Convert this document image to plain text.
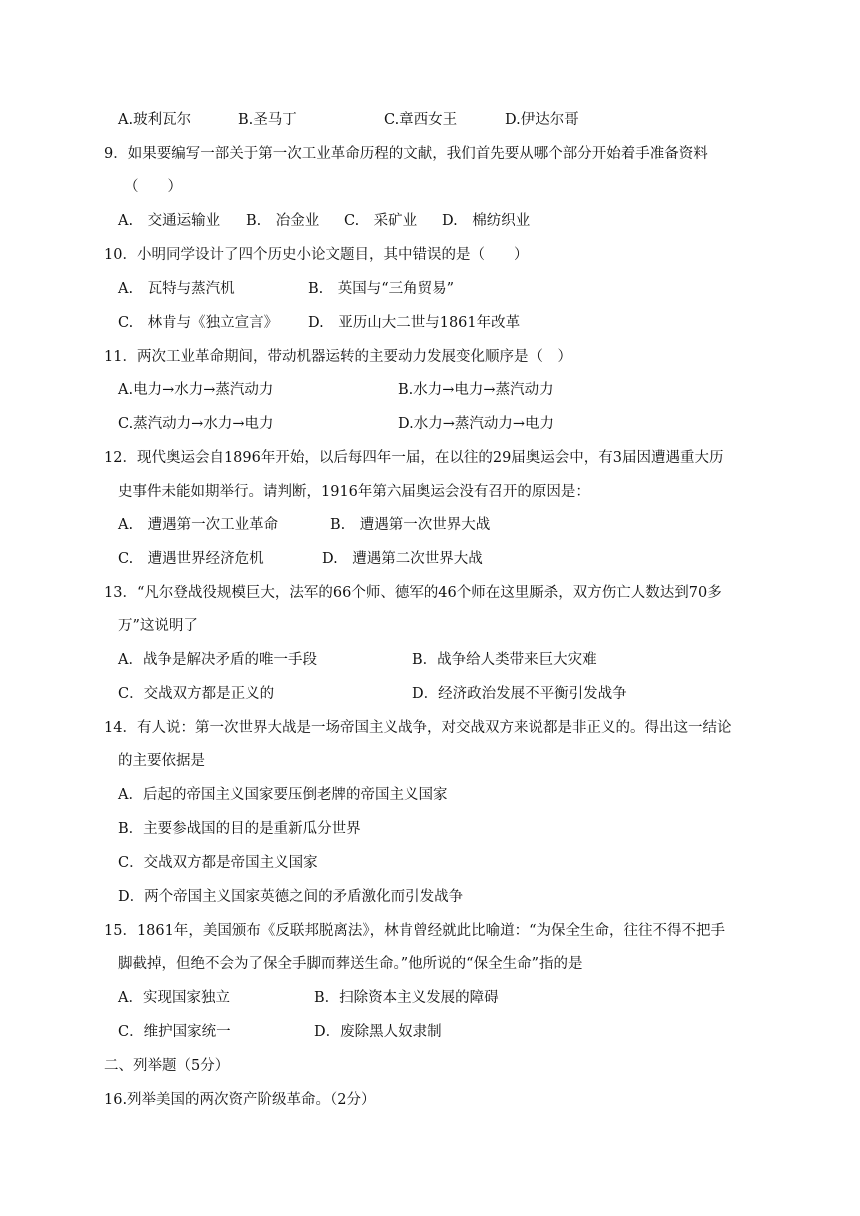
A.玻利瓦尔	B.圣马丁	C.章西女王	D.伊达尔哥
9．如果要编写一部关于第一次工业革命历程的文献，我们首先要从哪个部分开始着手准备资料
（　　）
A.　交通运输业 B.　冶金业 C.　采矿业 D.　棉纺织业
10．小明同学设计了四个历史小论文题目，其中错误的是（　　）
A.　瓦特与蒸汽机	B.　英国与“三角贸易”
C.　林肯与《独立宣言》 D.　亚历山大二世与1861年改革
11．两次工业革命期间，带动机器运转的主要动力发展变化顺序是（　）
A.电力→水力→蒸汽动力	B.水力→电力→蒸汽动力
C.蒸汽动力→水力→电力	D.水力→蒸汽动力→电力
12．现代奥运会自1896年开始，以后每四年一届，在以往的29届奥运会中，有3届因遭遇重大历
史事件未能如期举行。请判断，1916年第六届奥运会没有召开的原因是：
A.　遭遇第一次工业革命	B.　遭遇第一次世界大战
C.　遭遇世界经济危机	D.　遭遇第二次世界大战
13．“凡尔登战役规模巨大，法军的66个师、德军的46个师在这里厮杀，双方伤亡人数达到70多
万”这说明了
A．战争是解决矛盾的唯一手段	B．战争给人类带来巨大灾难
C．交战双方都是正义的	D．经济政治发展不平衡引发战争
14．有人说：第一次世界大战是一场帝国主义战争，对交战双方来说都是非正义的。得出这一结论
的主要依据是
A．后起的帝国主义国家要压倒老牌的帝国主义国家
B．主要参战国的目的是重新瓜分世界
C．交战双方都是帝国主义国家
D．两个帝国主义国家英德之间的矛盾激化而引发战争
15．1861年，美国颁布《反联邦脱离法》，林肯曾经就此比喻道：“为保全生命，往往不得不把手
脚截掉，但绝不会为了保全手脚而葬送生命。”他所说的“保全生命”指的是
A．实现国家独立	B．扫除资本主义发展的障碍
C．维护国家统一	D．废除黑人奴隶制
二、列举题（5分）
16.列举美国的两次资产阶级革命。（2分）
